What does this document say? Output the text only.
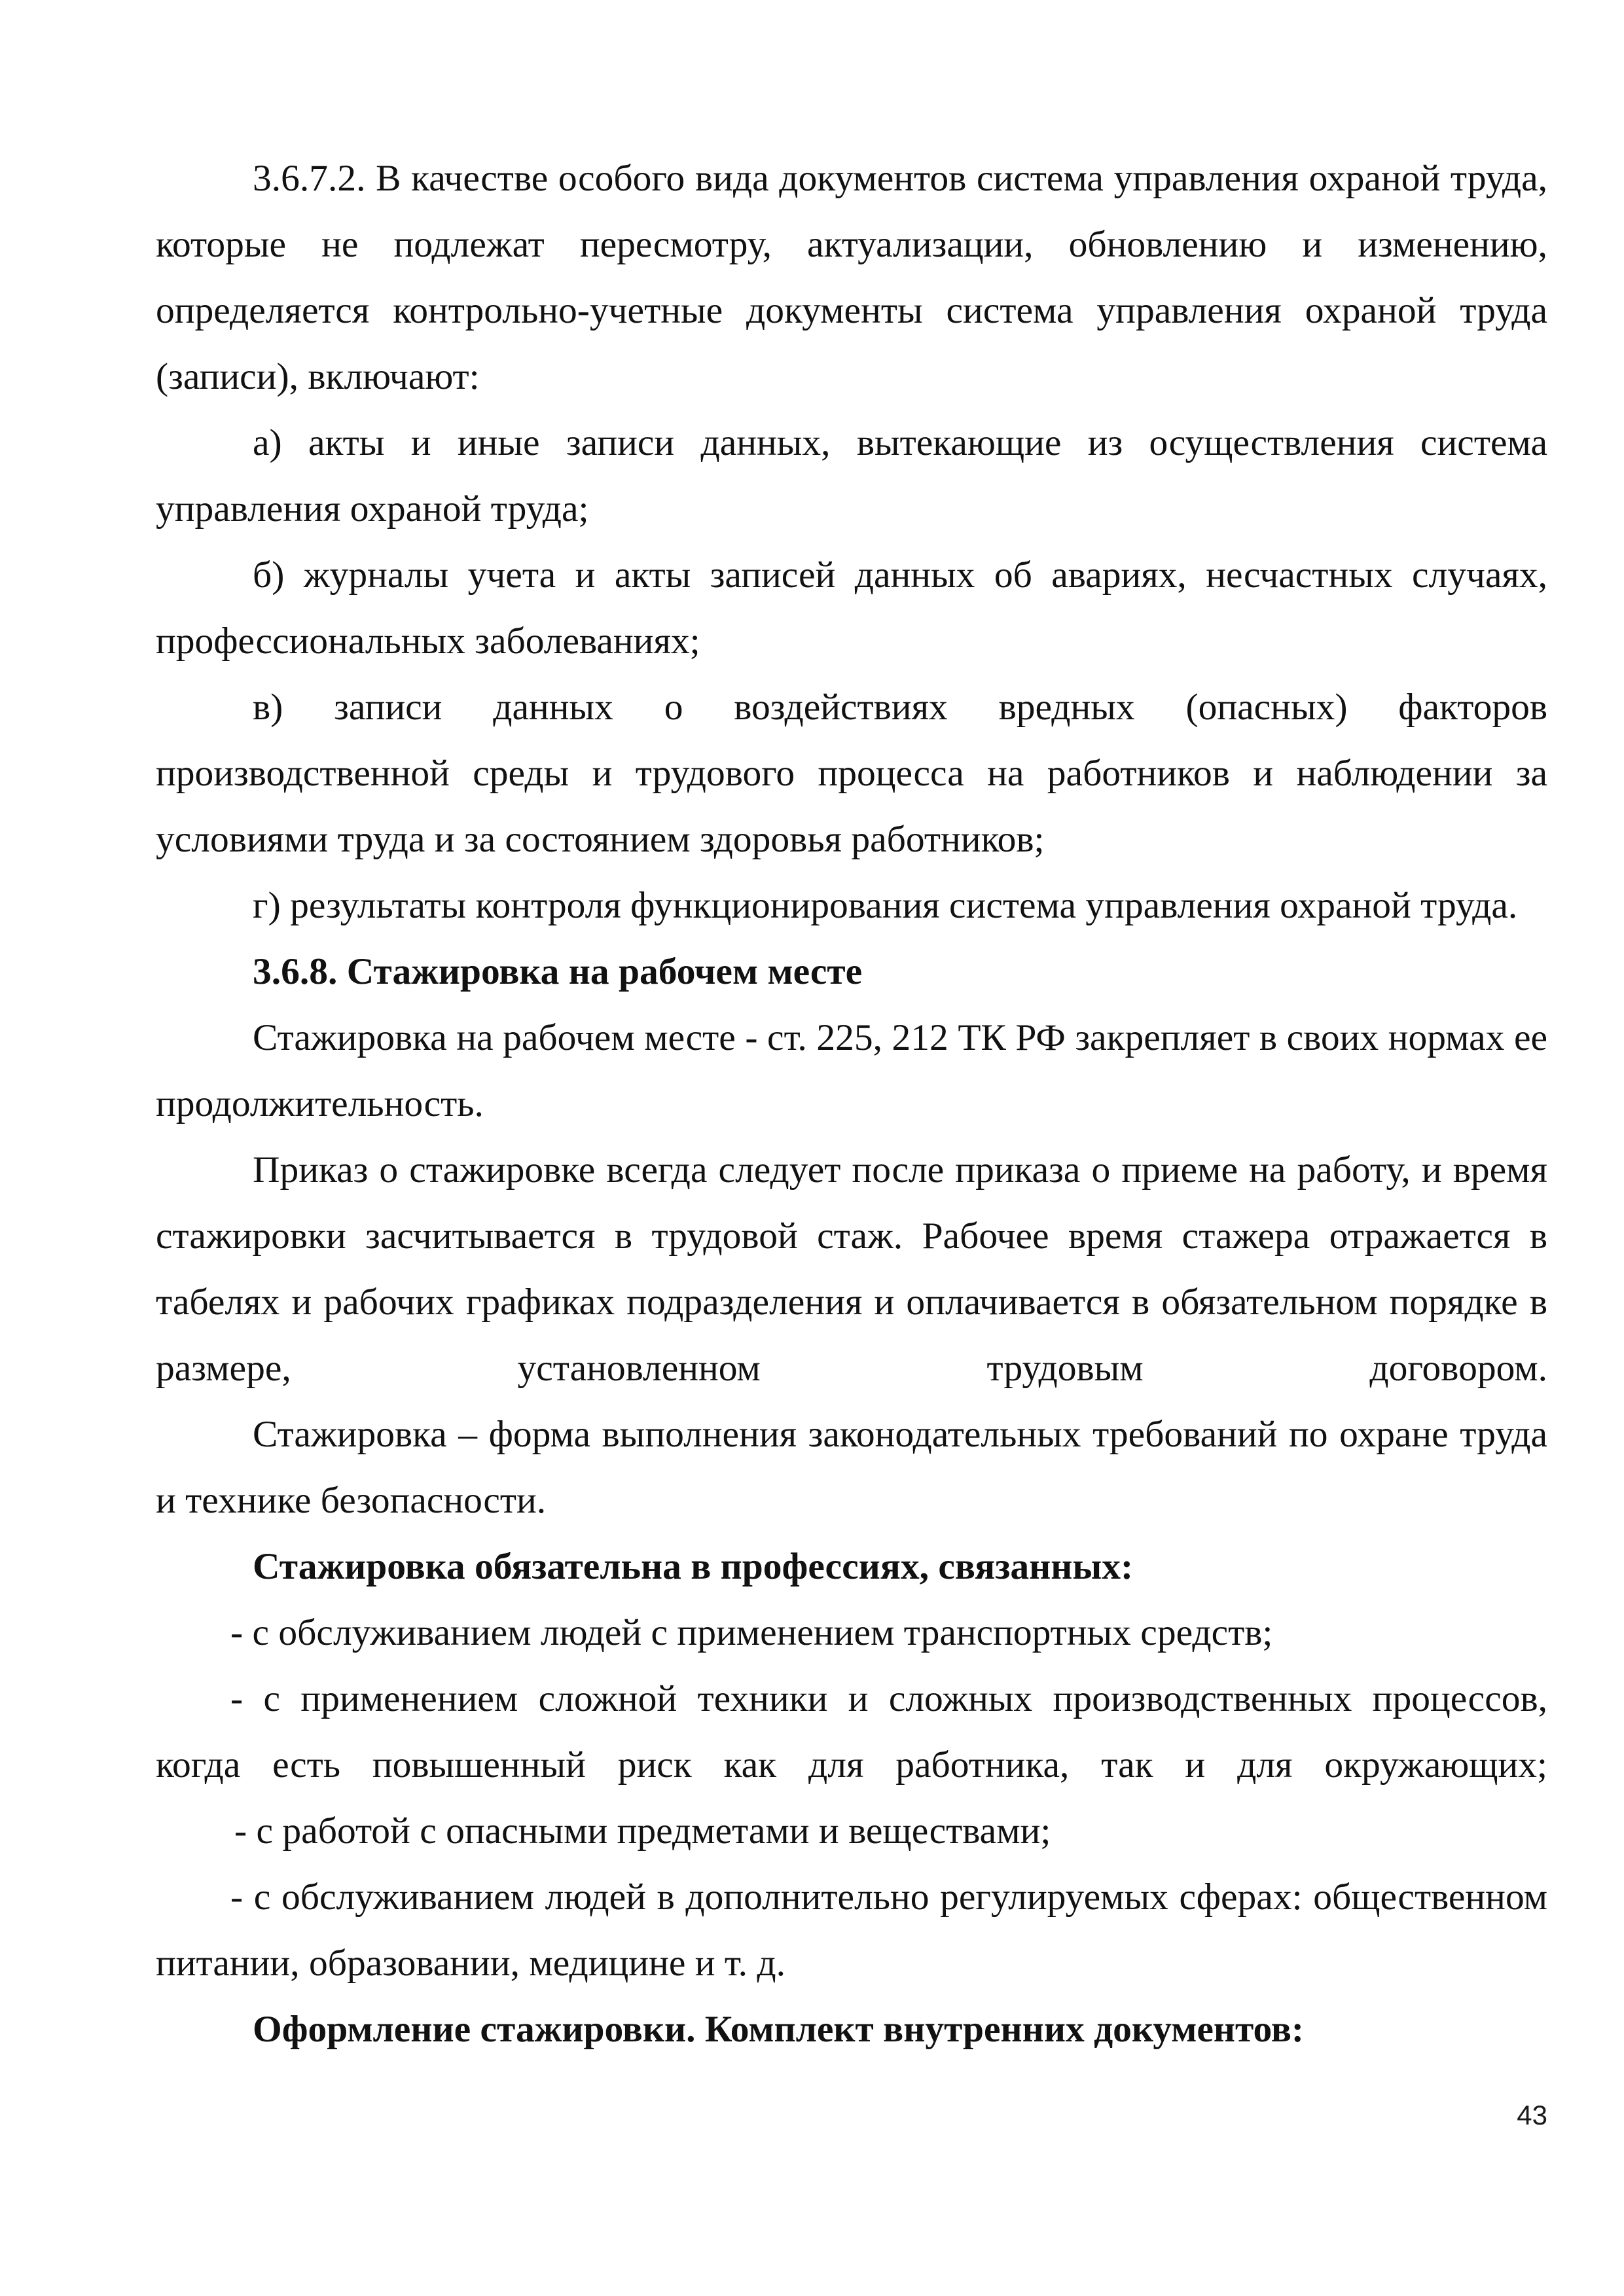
3.6.7.2. В качестве особого вида документов система управления охраной труда, которые не подлежат пересмотру, актуализации, обновлению и изменению, определяется контрольно-учетные документы система управления охраной труда (записи), включают:

а) акты и иные записи данных, вытекающие из осуществления система управления охраной труда;

б) журналы учета и акты записей данных об авариях, несчастных случаях, профессиональных заболеваниях;

в) записи данных о воздействиях вредных (опасных) факторов производственной среды и трудового процесса на работников и наблюдении за условиями труда и за состоянием здоровья работников;

г) результаты контроля функционирования система управления охраной труда.

3.6.8. Стажировка на рабочем месте

Стажировка на рабочем месте - ст. 225, 212 ТК РФ закрепляет в своих нормах ее продолжительность.

Приказ о стажировке всегда следует после приказа о приеме на работу, и время стажировки засчитывается в трудовой стаж. Рабочее время стажера отражается в табелях и рабочих графиках подразделения и оплачивается в обязательном порядке в размере, установленном трудовым договором.

Стажировка – форма выполнения законодательных требований по охране труда и технике безопасности.

Стажировка обязательна в профессиях, связанных:

- с обслуживанием людей с применением транспортных средств;

- с применением сложной техники и сложных производственных процессов, когда есть повышенный риск как для работника, так и для окружающих;

- с работой с опасными предметами и веществами;

- с обслуживанием людей в дополнительно регулируемых сферах: общественном питании, образовании, медицине и т. д.

Оформление стажировки. Комплект внутренних документов:

43
